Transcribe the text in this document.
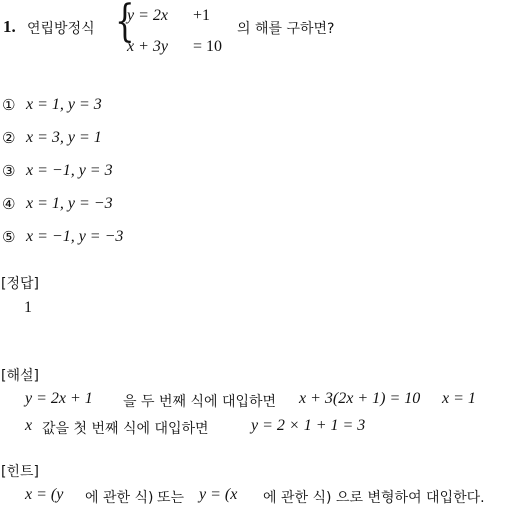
1. 연립방정식 {
y = 2x +1
x + 3y = 10
의 해를 구하면?
① x = 1, y = 3
② x = 3, y = 1
③ x = −1, y = 3
④ x = 1, y = −3
⑤ x = −1, y = −3
[정답]
1
[해설]
y = 2x + 1 을 두 번째 식에 대입하면 x + 3(2x + 1) = 10 x = 1
x 값을 첫 번째 식에 대입하면	y = 2 × 1 + 1 = 3
[힌트]
x = (y 에 관한 식) 또는 y = (x 에 관한 식) 으로 변형하여 대입한다.
